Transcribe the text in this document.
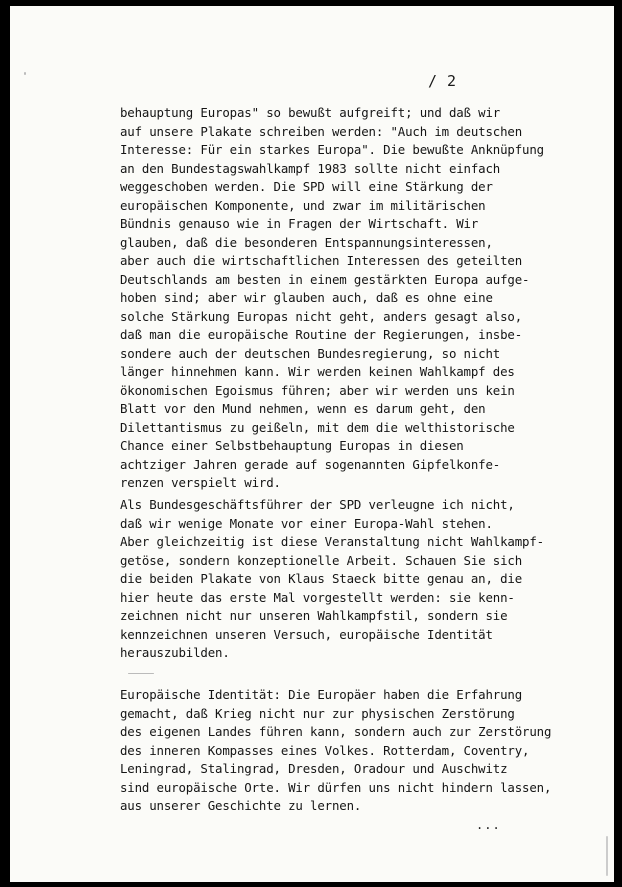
/ 2
behauptung Europas" so bewußt aufgreift; und daß wir
auf unsere Plakate schreiben werden: "Auch im deutschen
Interesse: Für ein starkes Europa". Die bewußte Anknüpfung
an den Bundestagswahlkampf 1983 sollte nicht einfach
weggeschoben werden. Die SPD will eine Stärkung der
europäischen Komponente, und zwar im militärischen
Bündnis genauso wie in Fragen der Wirtschaft. Wir
glauben, daß die besonderen Entspannungsinteressen,
aber auch die wirtschaftlichen Interessen des geteilten
Deutschlands am besten in einem gestärkten Europa aufge-
hoben sind; aber wir glauben auch, daß es ohne eine
solche Stärkung Europas nicht geht, anders gesagt also,
daß man die europäische Routine der Regierungen, insbe-
sondere auch der deutschen Bundesregierung, so nicht
länger hinnehmen kann. Wir werden keinen Wahlkampf des
ökonomischen Egoismus führen; aber wir werden uns kein
Blatt vor den Mund nehmen, wenn es darum geht, den
Dilettantismus zu geißeln, mit dem die welthistorische
Chance einer Selbstbehauptung Europas in diesen
achtziger Jahren gerade auf sogenannten Gipfelkonfe-
renzen verspielt wird.
Als Bundesgeschäftsführer der SPD verleugne ich nicht,
daß wir wenige Monate vor einer Europa-Wahl stehen.
Aber gleichzeitig ist diese Veranstaltung nicht Wahlkampf-
getöse, sondern konzeptionelle Arbeit. Schauen Sie sich
die beiden Plakate von Klaus Staeck bitte genau an, die
hier heute das erste Mal vorgestellt werden: sie kenn-
zeichnen nicht nur unseren Wahlkampfstil, sondern sie
kennzeichnen unseren Versuch, europäische Identität
herauszubilden.
Europäische Identität: Die Europäer haben die Erfahrung
gemacht, daß Krieg nicht nur zur physischen Zerstörung
des eigenen Landes führen kann, sondern auch zur Zerstörung
des inneren Kompasses eines Volkes. Rotterdam, Coventry,
Leningrad, Stalingrad, Dresden, Oradour und Auschwitz
sind europäische Orte. Wir dürfen uns nicht hindern lassen,
aus unserer Geschichte zu lernen.
...
